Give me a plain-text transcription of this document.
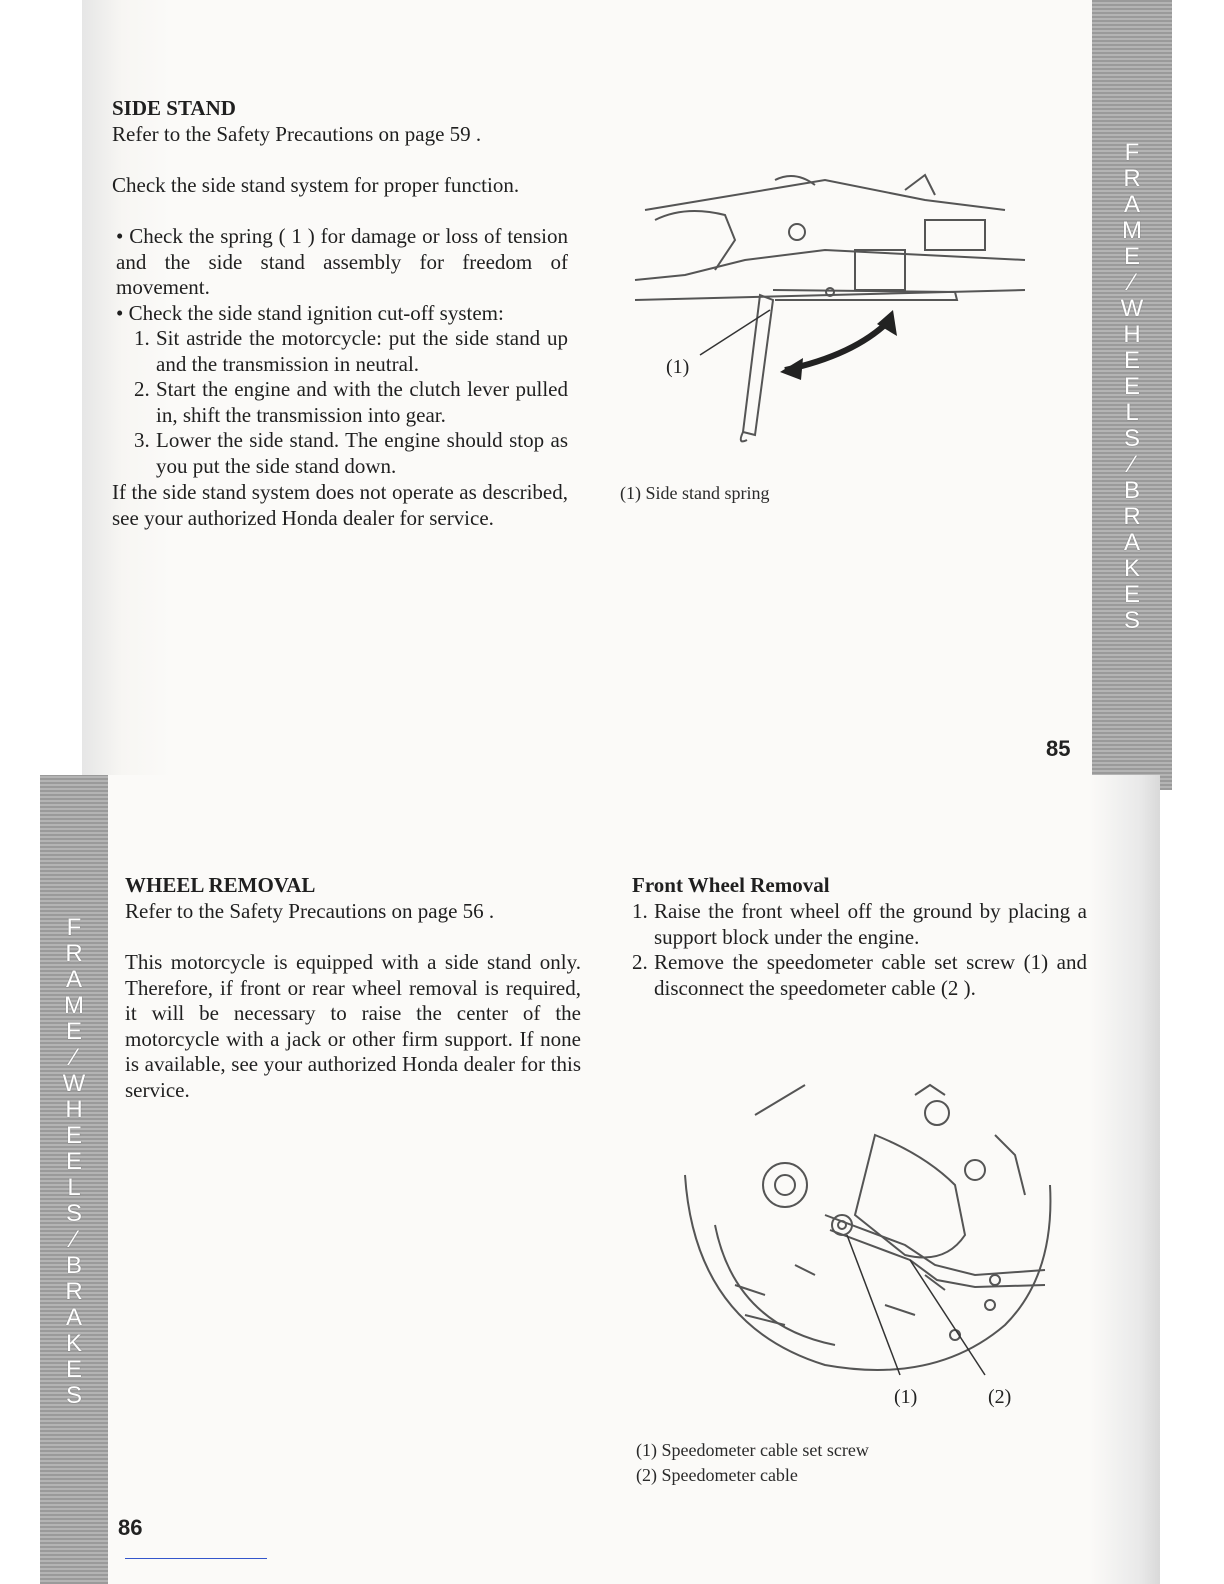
F
R
A
M
E
⁄
W
H
E
E
L
S
⁄
B
R
A
K
E
S
SIDE STAND
Refer to the Safety Precautions on page 59 .
Check the side stand system for proper function.
• Check the spring ( 1 ) for damage or loss of tension and the side stand assembly for freedom of movement.
• Check the side stand ignition cut-off system:
1. Sit astride the motorcycle: put the side stand up and the transmission in neutral.
2. Start the engine and with the clutch lever pulled in, shift the transmission into gear.
3. Lower the side stand. The engine should stop as you put the side stand down.
If the side stand system does not operate as described, see your authorized Honda dealer for service.
(1)
(1) Side stand spring
85
F
R
A
M
E
⁄
W
H
E
E
L
S
⁄
B
R
A
K
E
S
WHEEL REMOVAL
Refer to the Safety Precautions on page 56 .
This motorcycle is equipped with a side stand only. Therefore, if front or rear wheel removal is required, it will be necessary to raise the center of the motorcycle with a jack or other firm support. If none is available, see your authorized Honda dealer for this service.
Front Wheel Removal
1. Raise the front wheel off the ground by placing a support block under the engine.
2. Remove the speedometer cable set screw (1) and disconnect the speedometer cable (2 ).
(1)	(2)
(1) Speedometer cable set screw
(2) Speedometer cable
86
